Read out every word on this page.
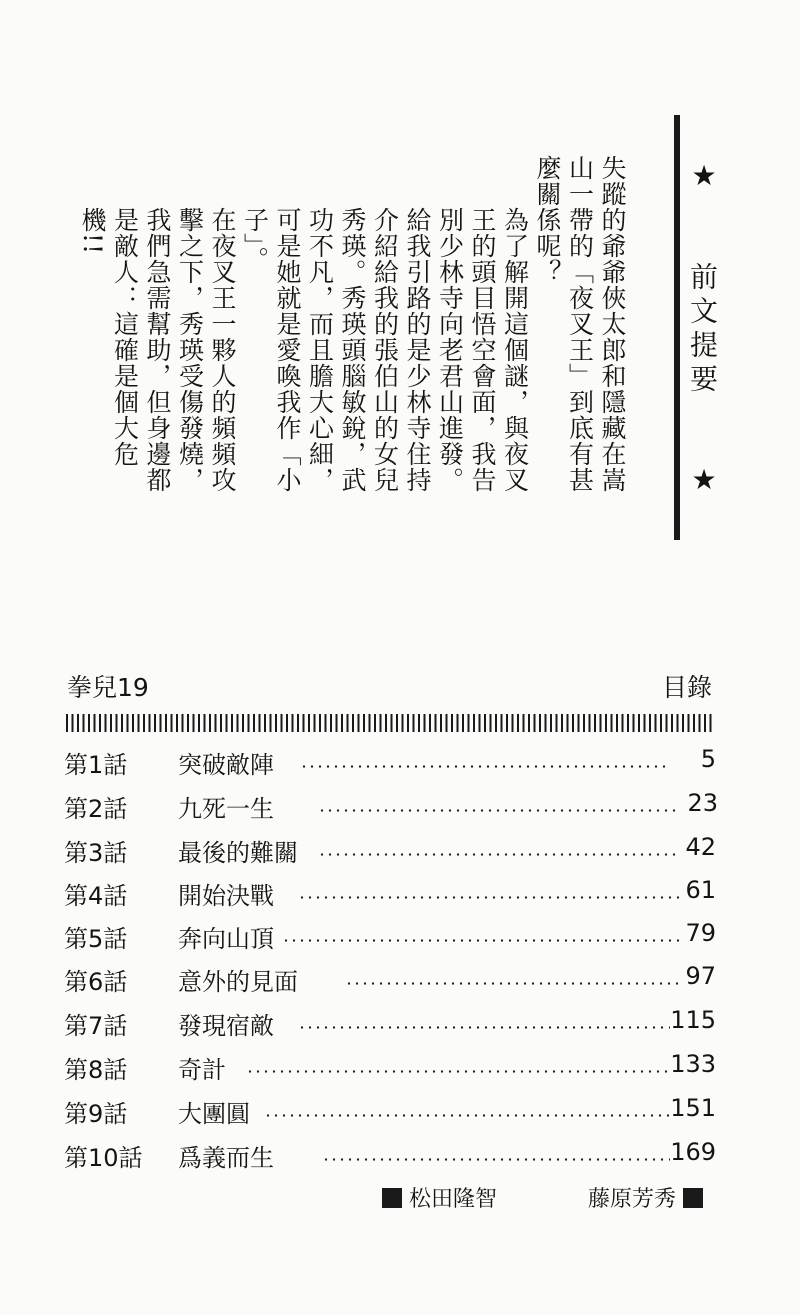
★
前文提要
★

失蹤的爺爺俠太郎和隱藏在嵩山一帶的「夜叉王」到底有甚麼關係呢？

為了解開這個謎，與夜叉王的頭目悟空會面，我告別少林寺向老君山進發。給我引路的是少林寺住持介紹給我的張伯山的女兒秀瑛。秀瑛頭腦敏銳，武功不凡，而且膽大心細，可是她就是愛喚我作「小子」。

在夜叉王一夥人的頻頻攻擊之下，秀瑛受傷發燒，我們急需幫助，但身邊都是敵人：這確是個大危機!!

拳兒19	目錄
第1話 突破敵陣	5
第2話 九死一生	23
第3話 最後的難關	42
第4話 開始決戰	61
第5話 奔向山頂	79
第6話 意外的見面	97
第7話 發現宿敵	115
第8話 奇計	133
第9話 大團圓	151
第10話 爲義而生	169
松田隆智	藤原芳秀
